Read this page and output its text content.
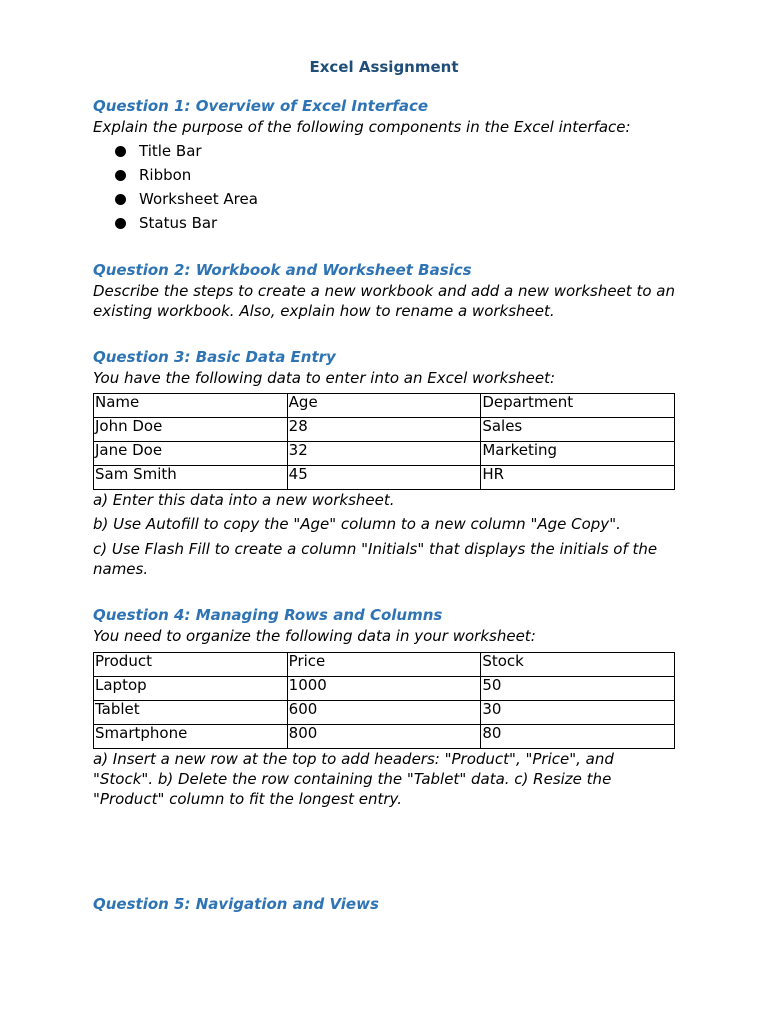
Excel Assignment
Question 1: Overview of Excel Interface
Explain the purpose of the following components in the Excel interface:
Title Bar
Ribbon
Worksheet Area
Status Bar
Question 2: Workbook and Worksheet Basics
Describe the steps to create a new workbook and add a new worksheet to an existing workbook. Also, explain how to rename a worksheet.
Question 3: Basic Data Entry
You have the following data to enter into an Excel worksheet:
Name	Age	Department
John Doe	28	Sales
Jane Doe	32	Marketing
Sam Smith	45	HR
a) Enter this data into a new worksheet.
b) Use Autofill to copy the "Age" column to a new column "Age Copy".
c) Use Flash Fill to create a column "Initials" that displays the initials of the names.
Question 4: Managing Rows and Columns
You need to organize the following data in your worksheet:
Product	Price	Stock
Laptop	1000	50
Tablet	600	30
Smartphone	800	80
a) Insert a new row at the top to add headers: "Product", "Price", and "Stock". b) Delete the row containing the "Tablet" data. c) Resize the "Product" column to fit the longest entry.
Question 5: Navigation and Views
